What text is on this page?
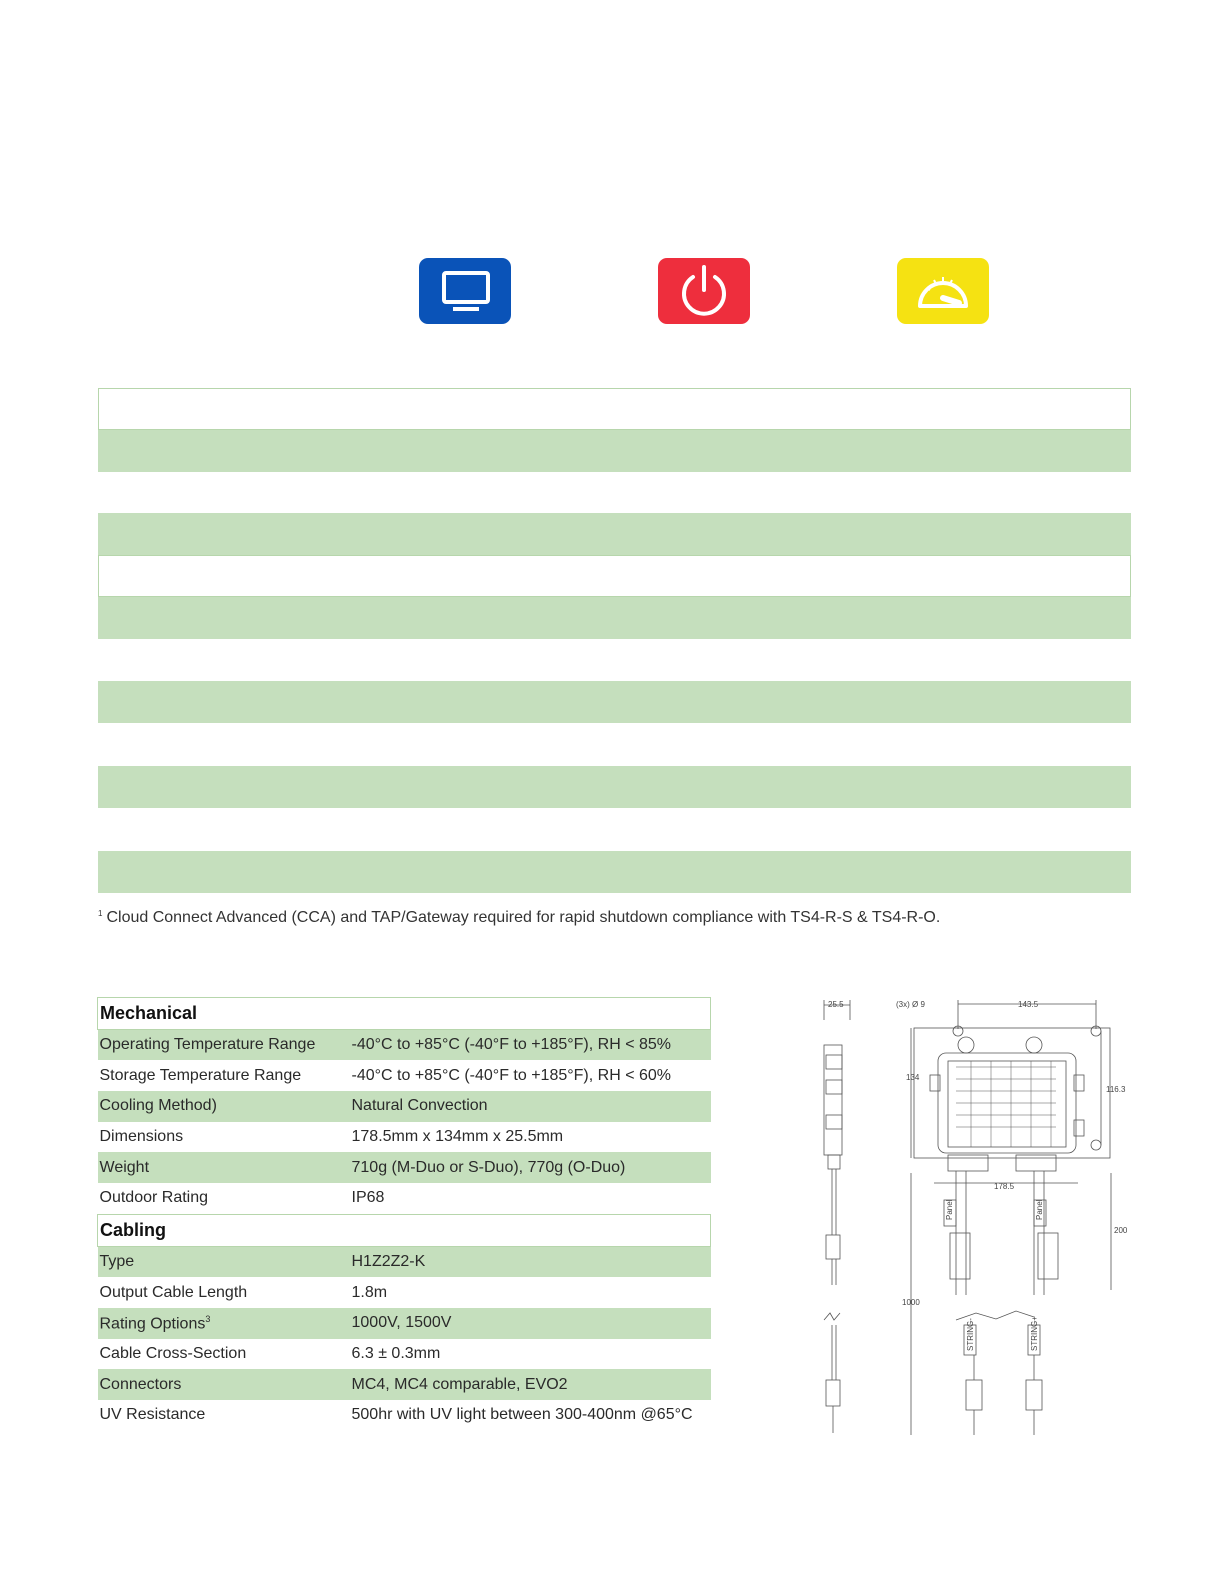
$^1$ Cloud Connect Advanced (CCA) and TAP/Gateway required for rapid shutdown compliance with TS4-R-S & TS4-R-O.
Mechanical	
Operating Temperature Range	-40°C to +85°C (-40°F to +185°F), RH < 85%
Storage Temperature Range	-40°C to +85°C (-40°F to +185°F), RH < 60%
Cooling Method)	Natural Convection
Dimensions	178.5mm x 134mm x 25.5mm
Weight	710g (M-Duo or S-Duo), 770g (O-Duo)
Outdoor Rating	IP68
Cabling	
Type	H1Z2Z2-K
Output Cable Length	1.8m
Rating Options$^3$	1000V, 1500V
Cable Cross-Section	6.3 ± 0.3mm
Connectors	MC4, MC4 comparable, EVO2
UV Resistance	500hr with UV light between 300-400nm @65°C
25.5	(3x) Ø 9	143.5
134
116.3
178.5
Panel	Panel
200
1000
STRING-	STRING+
